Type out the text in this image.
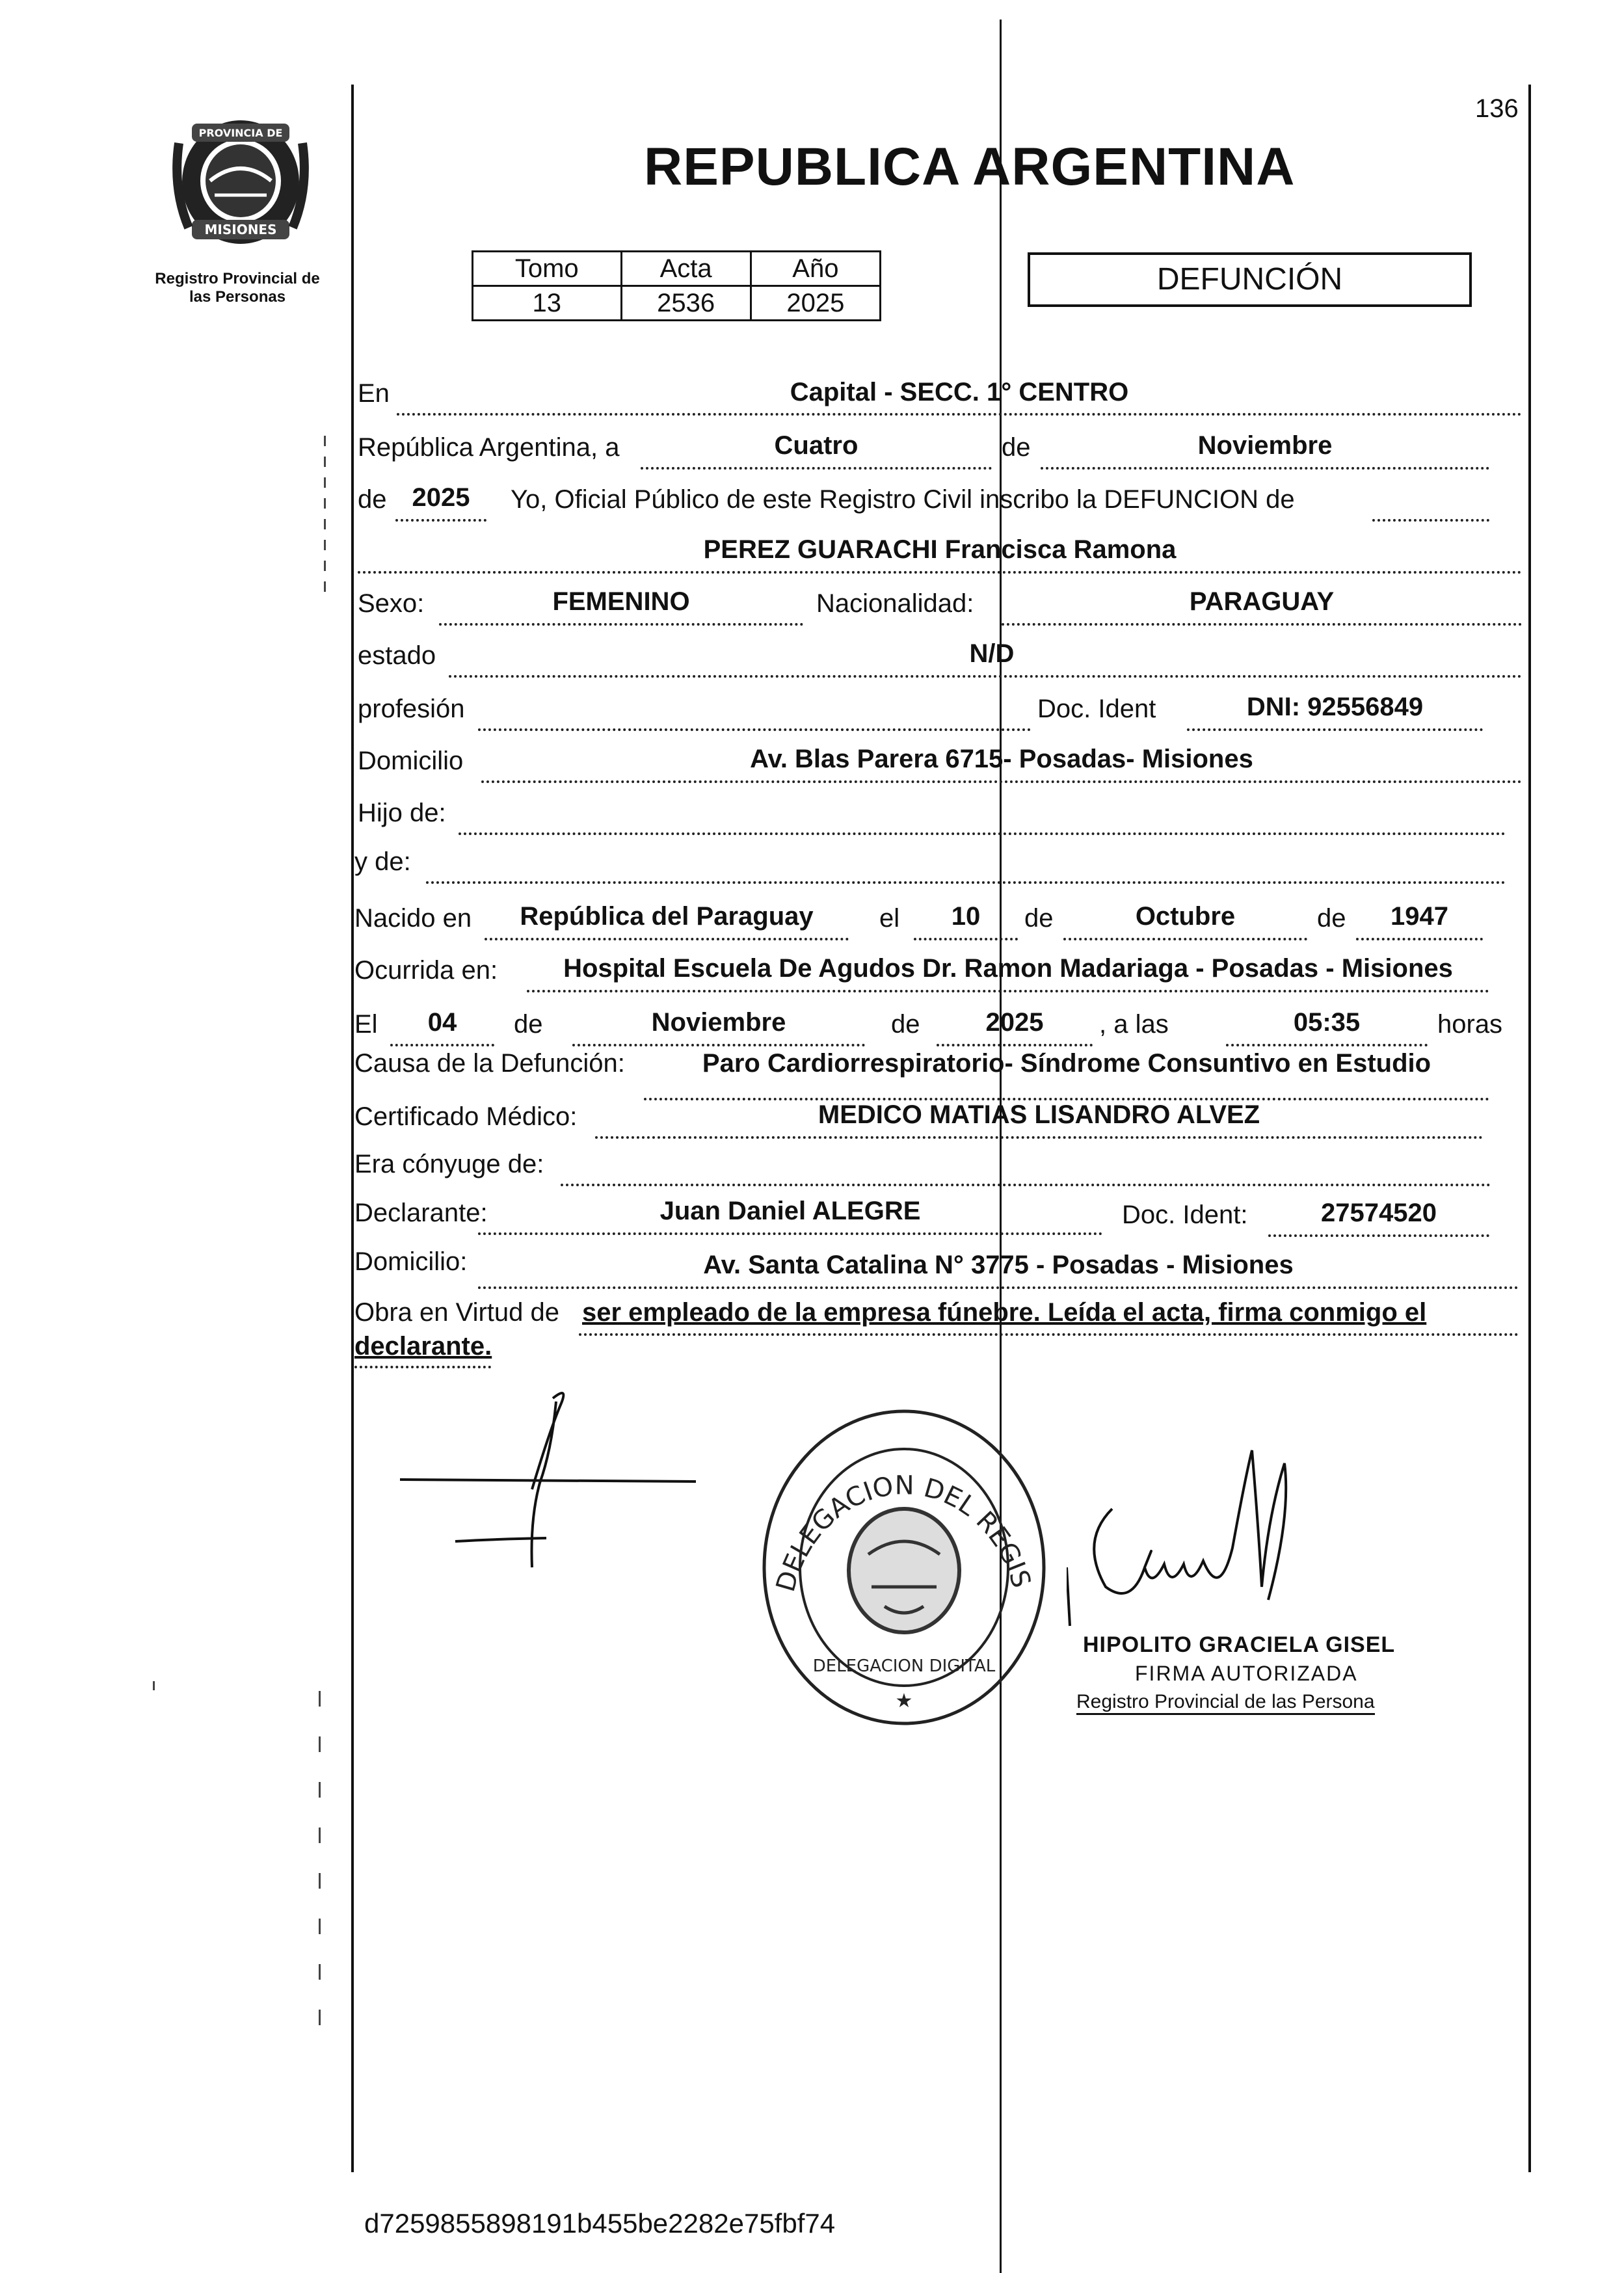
PROVINCIA DE
MISIONES
Registro Provincial de
las Personas
136
REPUBLICA ARGENTINA
Tomo	Acta	Año
13	2536	2025
DEFUNCIÓN
En	Capital - SECC. 1° CENTRO
República Argentina, a	Cuatro	de	Noviembre
de 2025	Yo, Oficial Público de este Registro Civil inscribo la DEFUNCION de
PEREZ GUARACHI Francisca Ramona
Sexo:	FEMENINO	Nacionalidad:	PARAGUAY
estado	N/D
profesión	Doc. Ident	DNI: 92556849
Domicilio	Av. Blas Parera 6715- Posadas- Misiones
Hijo de:
y de:
Nacido en	República del Paraguay	el	10	de	Octubre	de	1947
Ocurrida en:	Hospital Escuela De Agudos Dr. Ramon Madariaga - Posadas - Misiones
El	04	de	Noviembre	de	2025	, a las	05:35	horas
Causa de la Defunción:	Paro Cardiorrespiratorio- Síndrome Consuntivo en Estudio
Certificado Médico:	MEDICO MATIAS LISANDRO ALVEZ
Era cónyuge de:
Declarante:	Juan Daniel ALEGRE	Doc. Ident:	27574520
Domicilio:	Av. Santa Catalina N° 3775 - Posadas - Misiones
Obra en Virtud de ser empleado de la empresa fúnebre. Leída el acta, firma conmigo el
declarante.
DELEGACION DEL REGIS
DELEGACION DIGITAL
★
HIPOLITO GRACIELA GISEL
FIRMA AUTORIZADA
Registro Provincial de las Persona
d7259855898191b455be2282e75fbf74
